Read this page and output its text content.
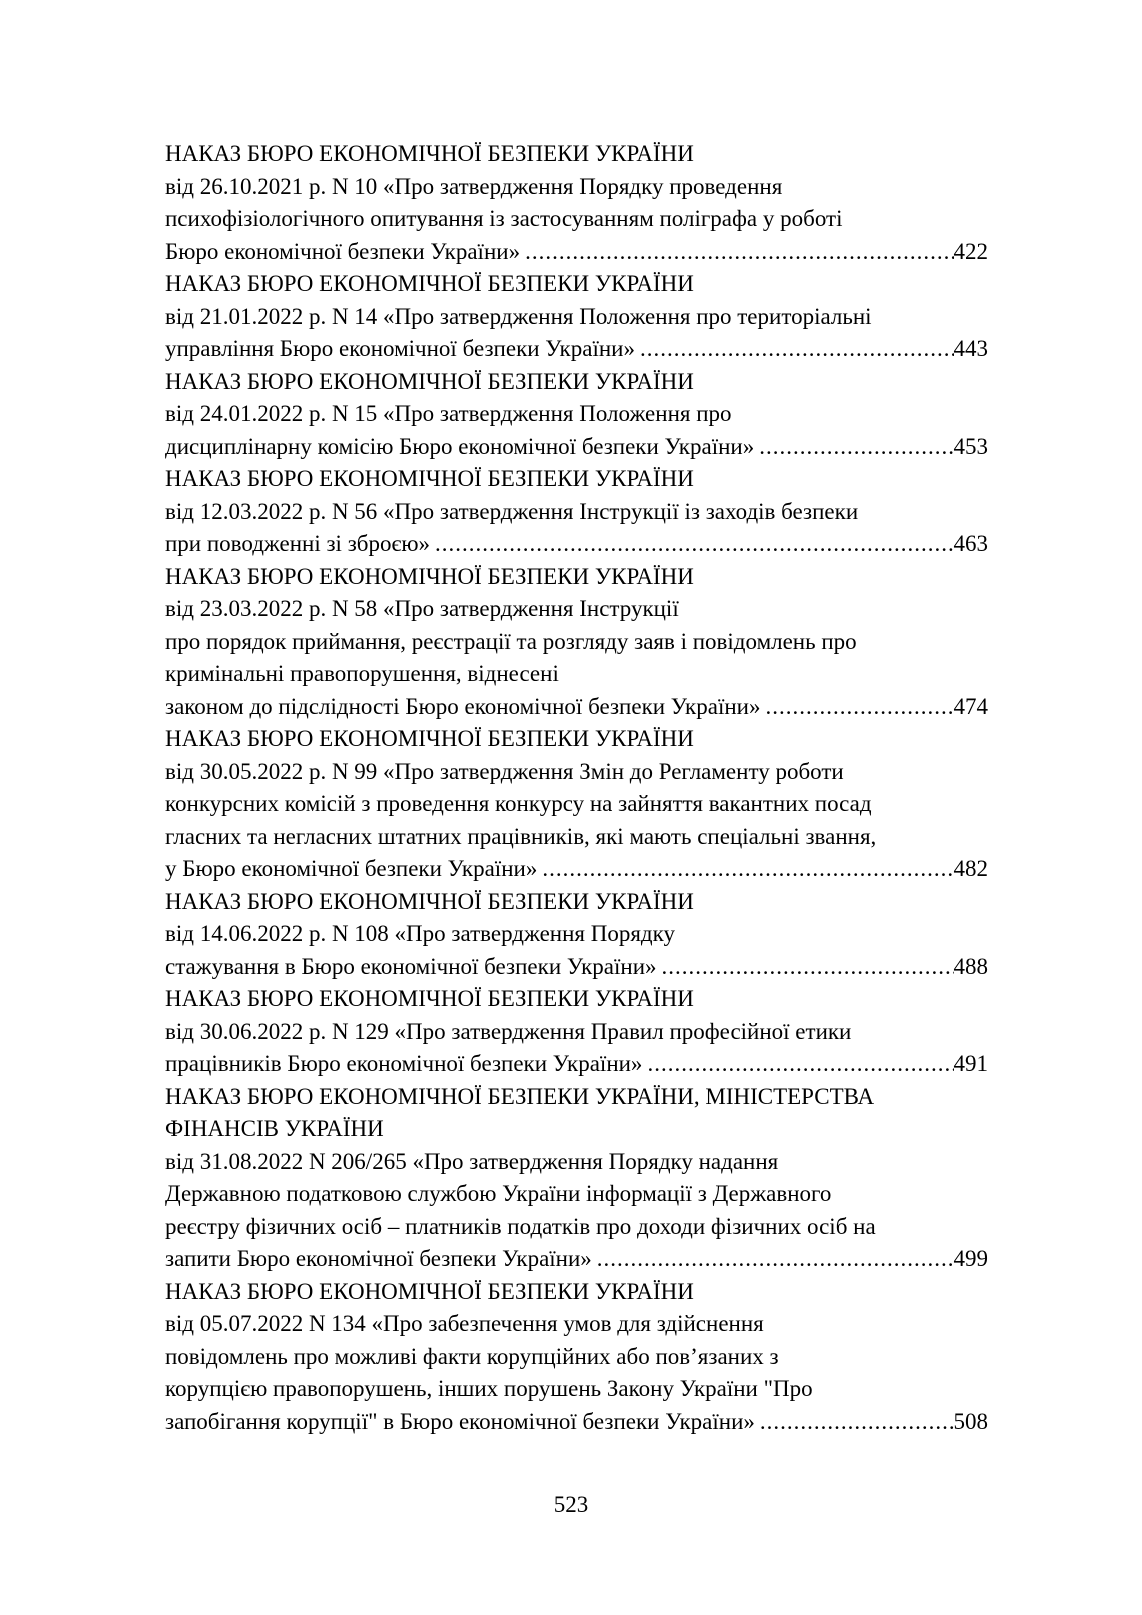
НАКАЗ БЮРО ЕКОНОМІЧНОЇ БЕЗПЕКИ УКРАЇНИ
від 26.10.2021 р. N 10 «Про затвердження Порядку проведення
психофізіологічного опитування із застосуванням поліграфа у роботі
Бюро економічної безпеки України» .....	422
НАКАЗ БЮРО ЕКОНОМІЧНОЇ БЕЗПЕКИ УКРАЇНИ
від 21.01.2022 р. N 14 «Про затвердження Положення про територіальні
управління Бюро економічної безпеки України» .....	443
НАКАЗ БЮРО ЕКОНОМІЧНОЇ БЕЗПЕКИ УКРАЇНИ
від 24.01.2022 р. N 15 «Про затвердження Положення про
дисциплінарну комісію Бюро економічної безпеки України» .....	453
НАКАЗ БЮРО ЕКОНОМІЧНОЇ БЕЗПЕКИ УКРАЇНИ
від 12.03.2022 р. N 56 «Про затвердження Інструкції із заходів безпеки
при поводженні зі зброєю» .....	463
НАКАЗ БЮРО ЕКОНОМІЧНОЇ БЕЗПЕКИ УКРАЇНИ
від 23.03.2022 р. N 58 «Про затвердження Інструкції
про порядок приймання, реєстрації та розгляду заяв і повідомлень про
кримінальні правопорушення, віднесені
законом до підслідності Бюро економічної безпеки України» .....	474
НАКАЗ БЮРО ЕКОНОМІЧНОЇ БЕЗПЕКИ УКРАЇНИ
від 30.05.2022 р. N 99 «Про затвердження Змін до Регламенту роботи
конкурсних комісій з проведення конкурсу на зайняття вакантних посад
гласних та негласних штатних працівників, які мають спеціальні звання,
у Бюро економічної безпеки України» .....	482
НАКАЗ БЮРО ЕКОНОМІЧНОЇ БЕЗПЕКИ УКРАЇНИ
від 14.06.2022 р. N 108 «Про затвердження Порядку
стажування в Бюро економічної безпеки України» .....	488
НАКАЗ БЮРО ЕКОНОМІЧНОЇ БЕЗПЕКИ УКРАЇНИ
від 30.06.2022 р. N 129 «Про затвердження Правил професійної етики
працівників Бюро економічної безпеки України» .....	491
НАКАЗ БЮРО ЕКОНОМІЧНОЇ БЕЗПЕКИ УКРАЇНИ, МІНІСТЕРСТВА
ФІНАНСІВ УКРАЇНИ
від 31.08.2022 N 206/265 «Про затвердження Порядку надання
Державною податковою службою України інформації з Державного
реєстру фізичних осіб – платників податків про доходи фізичних осіб на
запити Бюро економічної безпеки України» .....	499
НАКАЗ БЮРО ЕКОНОМІЧНОЇ БЕЗПЕКИ УКРАЇНИ
від 05.07.2022 N 134 «Про забезпечення умов для здійснення
повідомлень про можливі факти корупційних або пов’язаних з
корупцією правопорушень, інших порушень Закону України "Про
запобігання корупції" в Бюро економічної безпеки України» .....	508
523
